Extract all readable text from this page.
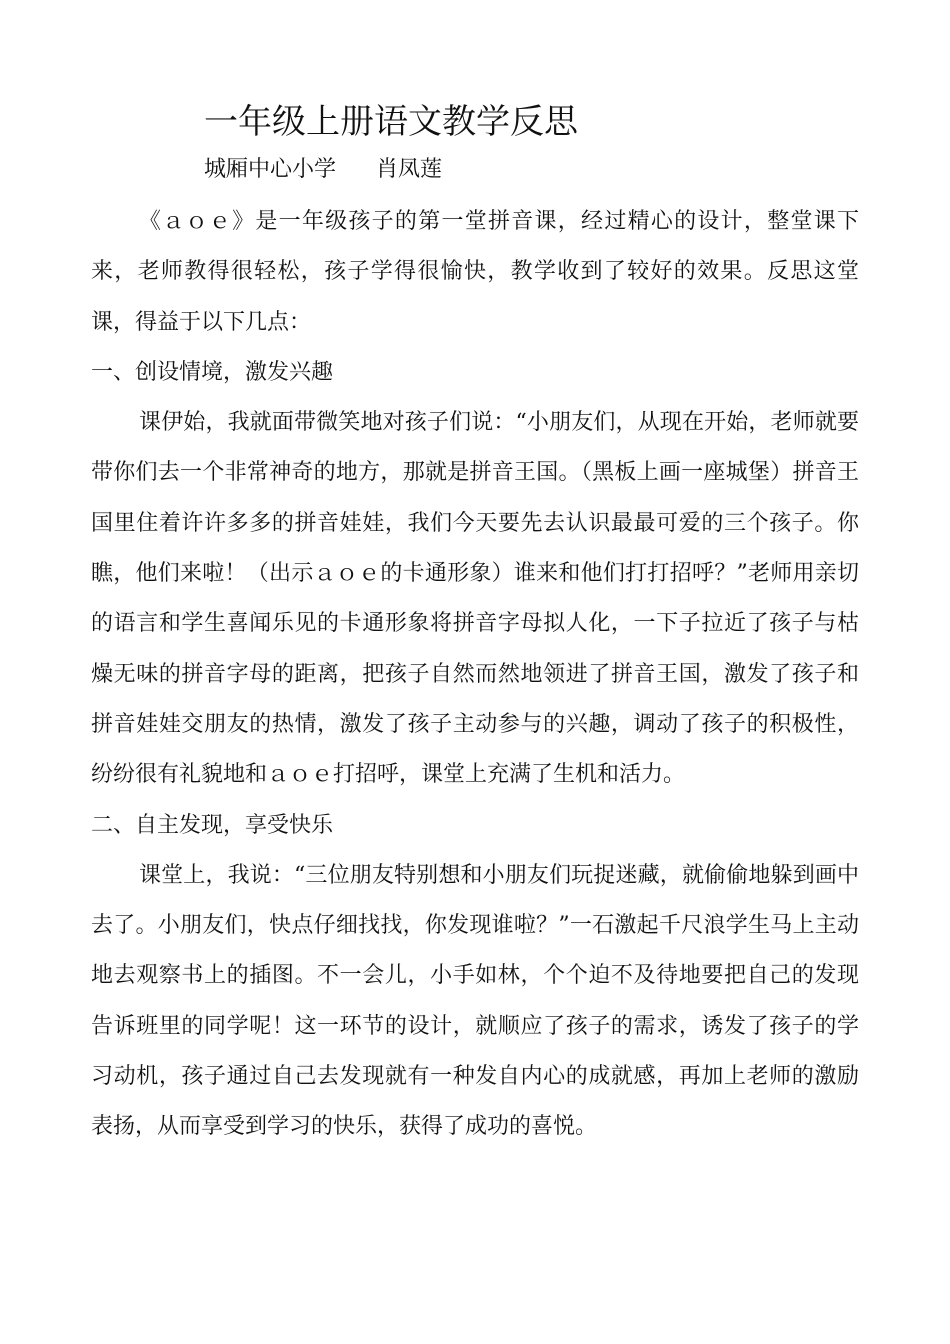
一年级上册语文教学反思
城厢中心小学 肖凤莲

《ａｏｅ》是一年级孩子的第一堂拼音课，经过精心的设计，整堂课下来，老师教得很轻松，孩子学得很愉快，教学收到了较好的效果。反思这堂课，得益于以下几点：

一、创设情境，激发兴趣

课伊始，我就面带微笑地对孩子们说：“小朋友们，从现在开始，老师就要带你们去一个非常神奇的地方，那就是拼音王国。（黑板上画一座城堡）拼音王国里住着许许多多的拼音娃娃，我们今天要先去认识最最可爱的三个孩子。你瞧，他们来啦！（出示ａｏｅ的卡通形象）谁来和他们打打招呼？”老师用亲切的语言和学生喜闻乐见的卡通形象将拼音字母拟人化，一下子拉近了孩子与枯燥无味的拼音字母的距离，把孩子自然而然地领进了拼音王国，激发了孩子和拼音娃娃交朋友的热情，激发了孩子主动参与的兴趣，调动了孩子的积极性，纷纷很有礼貌地和ａｏｅ打招呼，课堂上充满了生机和活力。

二、自主发现，享受快乐

课堂上，我说：“三位朋友特别想和小朋友们玩捉迷藏，就偷偷地躲到画中去了。小朋友们，快点仔细找找，你发现谁啦？”一石激起千尺浪学生马上主动地去观察书上的插图。不一会儿，小手如林，个个迫不及待地要把自己的发现告诉班里的同学呢！这一环节的设计，就顺应了孩子的需求，诱发了孩子的学习动机，孩子通过自己去发现就有一种发自内心的成就感，再加上老师的激励表扬，从而享受到学习的快乐，获得了成功的喜悦。
